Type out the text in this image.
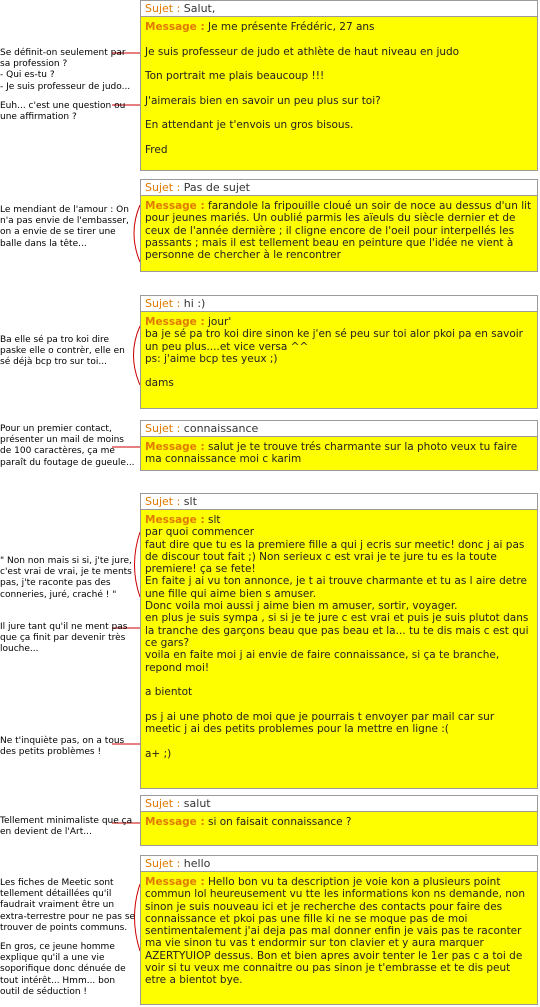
Sujet : Salut,
Message : Je me présente Frédéric, 27 ans

Je suis professeur de judo et athlète de haut niveau en judo

Ton portrait me plais beaucoup !!!

J'aimerais bien en savoir un peu plus sur toi?

En attendant je t'envois un gros bisous.

Fred
Sujet : Pas de sujet
Message : farandole la fripouille cloué un soir de noce au dessus d'un lit pour jeunes mariés. Un oublié parmis les aïeuls du siècle dernier et de ceux de l'année dernière ; il cligne encore de l'oeil pour interpellés les passants ; mais il est tellement beau en peinture que l'idée ne vient à personne de chercher à le rencontrer
Sujet : hi :)
Message : jour'
ba je sé pa tro koi dire sinon ke j'en sé peu sur toi alor pkoi pa en savoir un peu plus....et vice versa ^^
ps: j'aime bcp tes yeux ;)

dams
Sujet : connaissance
Message : salut je te trouve trés charmante sur la photo veux tu faire ma connaissance moi c karim
Sujet : slt
Message : slt
par quoi commencer
faut dire que tu es la premiere fille a qui j ecris sur meetic! donc j ai pas de discour tout fait ;) Non serieux c est vrai je te jure tu es la toute premiere! ça se fete!
En faite j ai vu ton annonce, je t ai trouve charmante et tu as l aire detre une fille qui aime bien s amuser.
Donc voila moi aussi j aime bien m amuser, sortir, voyager.
en plus je suis sympa , si si je te jure c est vrai et puis je suis plutot dans la tranche des garçons beau que pas beau et la... tu te dis mais c est qui ce gars?
voila en faite moi j ai envie de faire connaissance, si ça te branche, repond moi!

a bientot

ps j ai une photo de moi que je pourrais t envoyer par mail car sur meetic j ai des petits problemes pour la mettre en ligne :(

a+ ;)
Sujet : salut
Message : si on faisait connaissance ?
Sujet : hello
Message : Hello bon vu ta description je voie kon a plusieurs point commun lol heureusement vu tte les informations kon ns demande, non sinon je suis nouveau ici et je recherche des contacts pour faire des connaissance et pkoi pas une fille ki ne se moque pas de moi sentimentalement j'ai deja pas mal donner enfin je vais pas te raconter ma vie sinon tu vas t endormir sur ton clavier et y aura marquer AZERTYUIOP dessus. Bon et bien apres avoir tenter le 1er pas c a toi de voir si tu veux me connaitre ou pas sinon je t'embrasse et te dis peut etre a bientot bye.
Se définit-on seulement par sa profession ?
- Qui es-tu ?
- Je suis professeur de judo...
Euh... c'est une question ou une affirmation ?
Le mendiant de l'amour : On n'a pas envie de l'embasser, on a envie de se tirer une balle dans la tête...
Ba elle sé pa tro koi dire paske elle o contrèr, elle en sé déjà bcp tro sur toi...
Pour un premier contact, présenter un mail de moins de 100 caractères, ça me paraît du foutage de gueule...
" Non non mais si si, j'te jure, c'est vrai de vrai, je te ments pas, j'te raconte pas des conneries, juré, craché ! "
Il jure tant qu'il ne ment pas que ça finit par devenir très louche...
Ne t'inquiète pas, on a tous des petits problèmes !
Tellement minimaliste que ça en devient de l'Art...
Les fiches de Meetic sont tellement détaillées qu'il faudrait vraiment être un extra-terrestre pour ne pas se trouver de points communs.
En gros, ce jeune homme explique qu'il a une vie soporifique donc dénuée de tout intérêt... Hmm... bon outil de séduction !
